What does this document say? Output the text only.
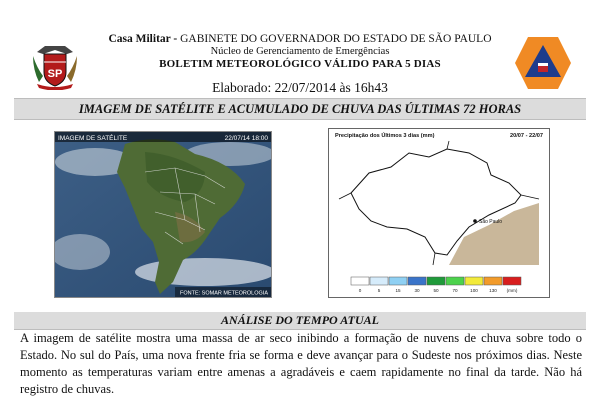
SP
Casa Militar - GABINETE DO GOVERNADOR DO ESTADO DE SÃO PAULO
Núcleo de Gerenciamento de Emergências
BOLETIM METEOROLÓGICO VÁLIDO PARA 5 DIAS
Elaborado: 22/07/2014 às 16h43
IMAGEM DE SATÉLITE E ACUMULADO DE CHUVA DAS ÚLTIMAS 72 HORAS
IMAGEM DE SATÉLITE	22/07/14 18:00
FONTE: SOMAR METEOROLOGIA
Precipitação dos Últimos 3 dias (mm)	20/07 - 22/07
São Paulo
0	5	15	30	50	70	100 130 (mm)
ANÁLISE DO TEMPO ATUAL
A imagem de satélite mostra uma massa de ar seco inibindo a formação de nuvens de chuva sobre todo o Estado. No sul do País, uma nova frente fria se forma e deve avançar para o Sudeste nos próximos dias. Neste momento as temperaturas variam entre amenas a agradáveis e caem rapidamente no final da tarde. Não há registro de chuvas.
